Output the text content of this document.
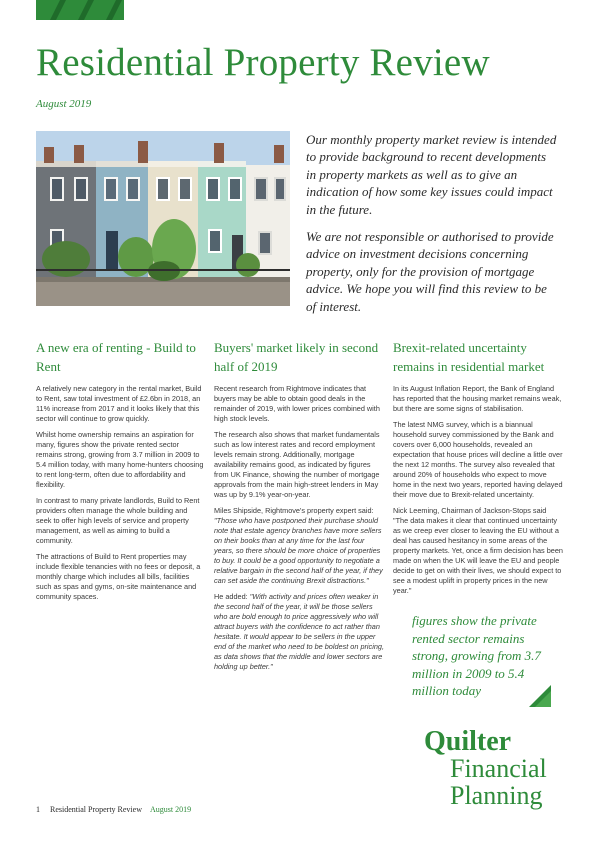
Residential Property Review
August 2019

Our monthly property market review is intended to provide background to recent developments in property markets as well as to give an indication of how some key issues could impact in the future.

We are not responsible or authorised to provide advice on investment decisions concerning property, only for the provision of mortgage advice. We hope you will find this review to be of interest.

A new era of renting - Build to Rent

A relatively new category in the rental market, Build to Rent, saw total investment of £2.6bn in 2018, an 11% increase from 2017 and it looks likely that this sector will continue to grow quickly.

Whilst home ownership remains an aspiration for many, figures show the private rented sector remains strong, growing from 3.7 million in 2009 to 5.4 million today, with many home-hunters choosing to rent long-term, often due to affordability and flexibility.

In contrast to many private landlords, Build to Rent providers often manage the whole building and seek to offer high levels of service and property management, as well as aiming to build a community.

The attractions of Build to Rent properties may include flexible tenancies with no fees or deposit, a monthly charge which includes all bills, facilities such as spas and gyms, on-site maintenance and community spaces.

Buyers' market likely in second half of 2019

Recent research from Rightmove indicates that buyers may be able to obtain good deals in the remainder of 2019, with lower prices combined with high stock levels.

The research also shows that market fundamentals such as low interest rates and record employment levels remain strong. Additionally, mortgage availability remains good, as indicated by figures from UK Finance, showing the number of mortgage approvals from the main high-street lenders in May was up by 9.1% year-on-year.

Miles Shipside, Rightmove's property expert said: "Those who have postponed their purchase should note that estate agency branches have more sellers on their books than at any time for the last four years, so there should be more choice of properties to buy. It could be a good opportunity to negotiate a relative bargain in the second half of the year, if they can set aside the continuing Brexit distractions."

He added: "With activity and prices often weaker in the second half of the year, it will be those sellers who are bold enough to price aggressively who will attract buyers with the confidence to act rather than hesitate. It would appear to be sellers in the upper end of the market who need to be boldest on pricing, as data shows that the middle and lower sectors are holding up better."

Brexit-related uncertainty remains in residential market

In its August Inflation Report, the Bank of England has reported that the housing market remains weak, but there are some signs of stabilisation.

The latest NMG survey, which is a biannual household survey commissioned by the Bank and covers over 6,000 households, revealed an expectation that house prices will decline a little over the next 12 months. The survey also revealed that around 20% of households who expect to move home in the next two years, reported having delayed their move due to Brexit-related uncertainty.

Nick Leeming, Chairman of Jackson-Stops said "The data makes it clear that continued uncertainty as we creep ever closer to leaving the EU without a deal has caused hesitancy in some areas of the property markets. Yet, once a firm decision has been made on when the UK will leave the EU and people decide to get on with their lives, we should expect to see a modest uplift in property prices in the new year."

figures show the private rented sector remains strong, growing from 3.7 million in 2009 to 5.4 million today
Quilter
Financial
Planning
1 Residential Property Review August 2019
